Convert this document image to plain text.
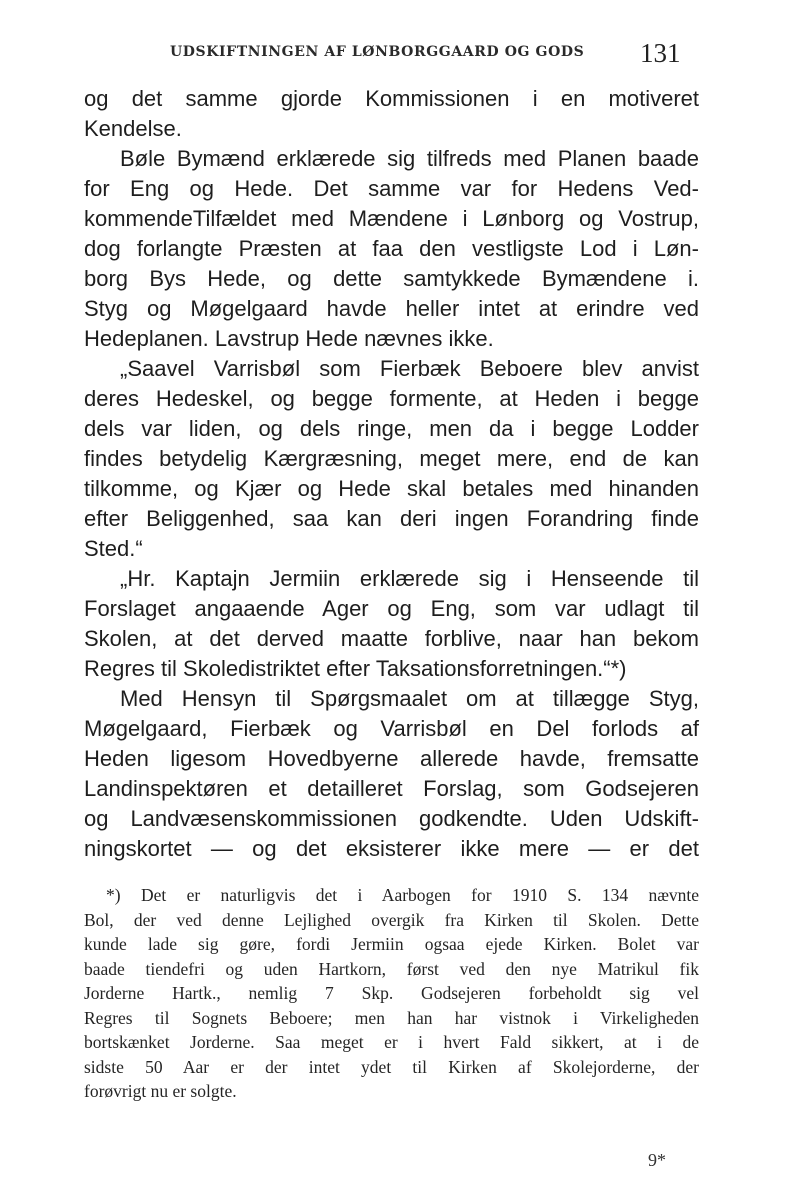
UDSKIFTNINGEN AF LØNBORGGAARD OG GODS	131
og det samme gjorde Kommissionen i en motiveret
Kendelse.
Bøle Bymænd erklærede sig tilfreds med Planen baade
for Eng og Hede. Det samme var for Hedens Ved-
kommendeTilfældet med Mændene i Lønborg og Vostrup,
dog forlangte Præsten at faa den vestligste Lod i Løn-
borg Bys Hede, og dette samtykkede Bymændene i.
Styg og Møgelgaard havde heller intet at erindre ved
Hedeplanen. Lavstrup Hede nævnes ikke.
„Saavel Varrisbøl som Fierbæk Beboere blev anvist
deres Hedeskel, og begge formente, at Heden i begge
dels var liden, og dels ringe, men da i begge Lodder
findes betydelig Kærgræsning, meget mere, end de kan
tilkomme, og Kjær og Hede skal betales med hinanden
efter Beliggenhed, saa kan deri ingen Forandring finde
Sted.“
„Hr. Kaptajn Jermiin erklærede sig i Henseende til
Forslaget angaaende Ager og Eng, som var udlagt til
Skolen, at det derved maatte forblive, naar han bekom
Regres til Skoledistriktet efter Taksationsforretningen.“*)
Med Hensyn til Spørgsmaalet om at tillægge Styg,
Møgelgaard, Fierbæk og Varrisbøl en Del forlods af
Heden ligesom Hovedbyerne allerede havde, fremsatte
Landinspektøren et detailleret Forslag, som Godsejeren
og Landvæsenskommissionen godkendte. Uden Udskift-
ningskortet — og det eksisterer ikke mere — er det
*) Det er naturligvis det i Aarbogen for 1910 S. 134 nævnte
Bol, der ved denne Lejlighed overgik fra Kirken til Skolen. Dette
kunde lade sig gøre, fordi Jermiin ogsaa ejede Kirken. Bolet var
baade tiendefri og uden Hartkorn, først ved den nye Matrikul fik
Jorderne Hartk., nemlig 7 Skp. Godsejeren forbeholdt sig vel
Regres til Sognets Beboere; men han har vistnok i Virkeligheden
bortskænket Jorderne. Saa meget er i hvert Fald sikkert, at i de
sidste 50 Aar er der intet ydet til Kirken af Skolejorderne, der
forøvrigt nu er solgte.
9*
